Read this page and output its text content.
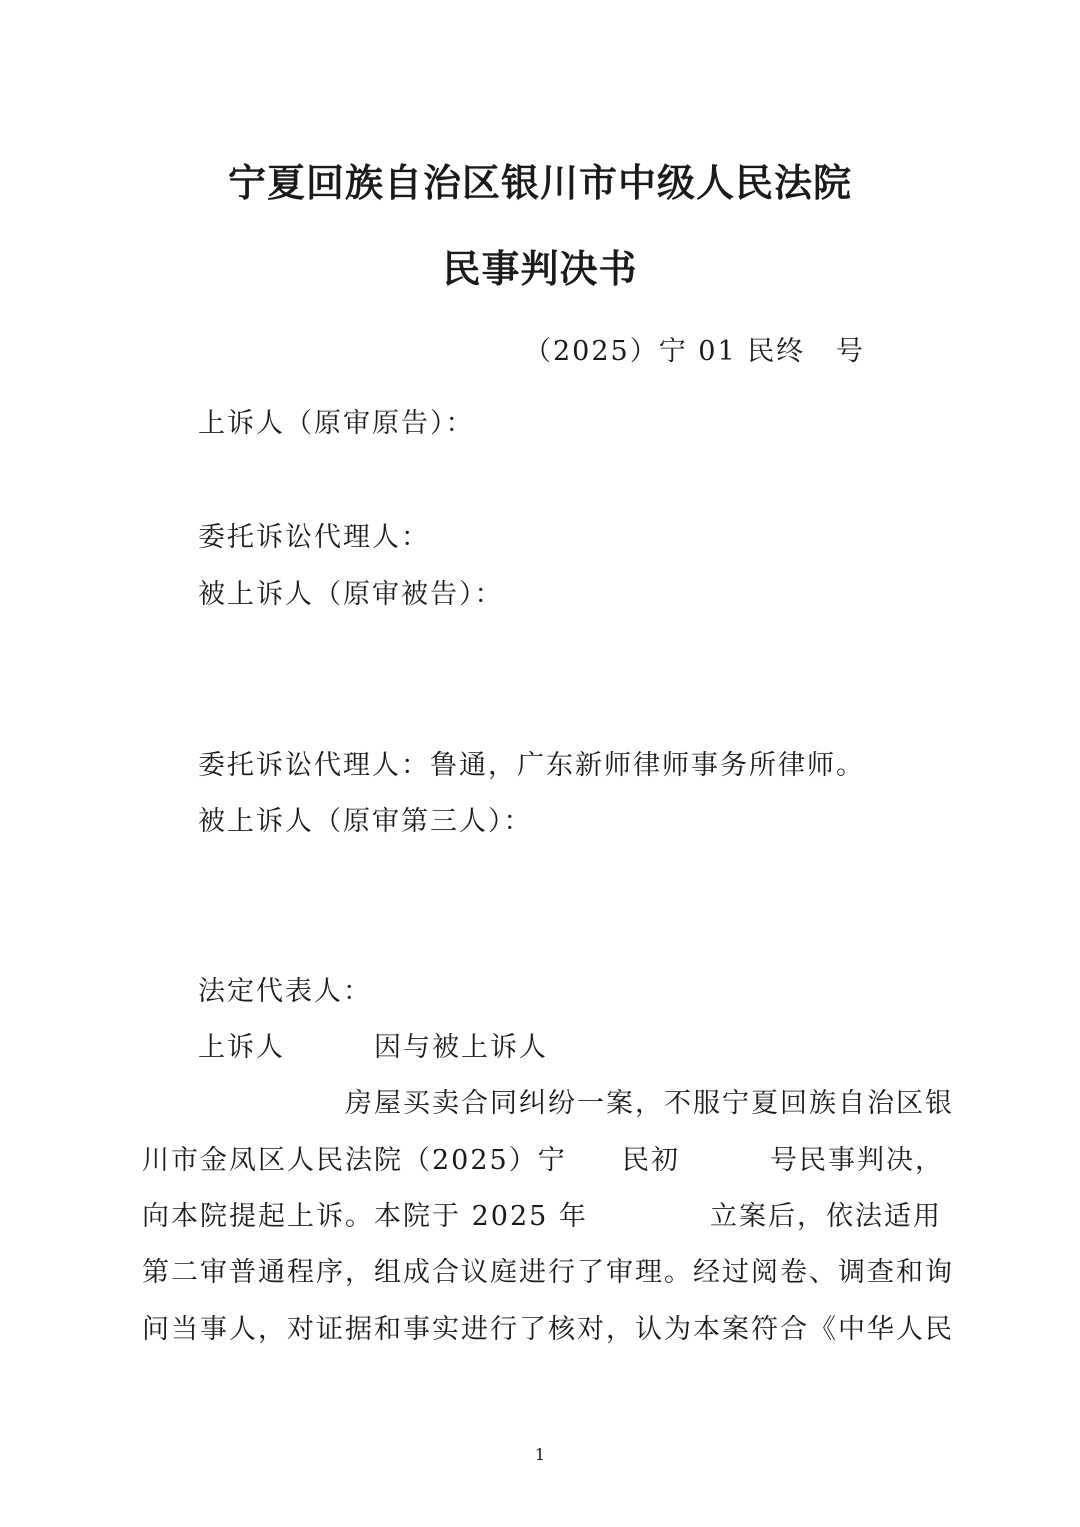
宁夏回族自治区银川市中级人民法院
民事判决书
（2025）宁 01 民终 号
上诉人（原审原告）：
委托诉讼代理人：
被上诉人（原审被告）：
委托诉讼代理人：鲁通，广东新师律师事务所律师。
被上诉人（原审第三人）：
法定代表人：
上诉人	因与被上诉人
房屋买卖合同纠纷一案，不服宁夏回族自治区银
川市金凤区人民法院（2025）宁 民初	号民事判决，
向本院提起上诉。本院于 2025 年	立案后，依法适用
第二审普通程序，组成合议庭进行了审理。经过阅卷、调查和询
问当事人，对证据和事实进行了核对，认为本案符合《中华人民
1
